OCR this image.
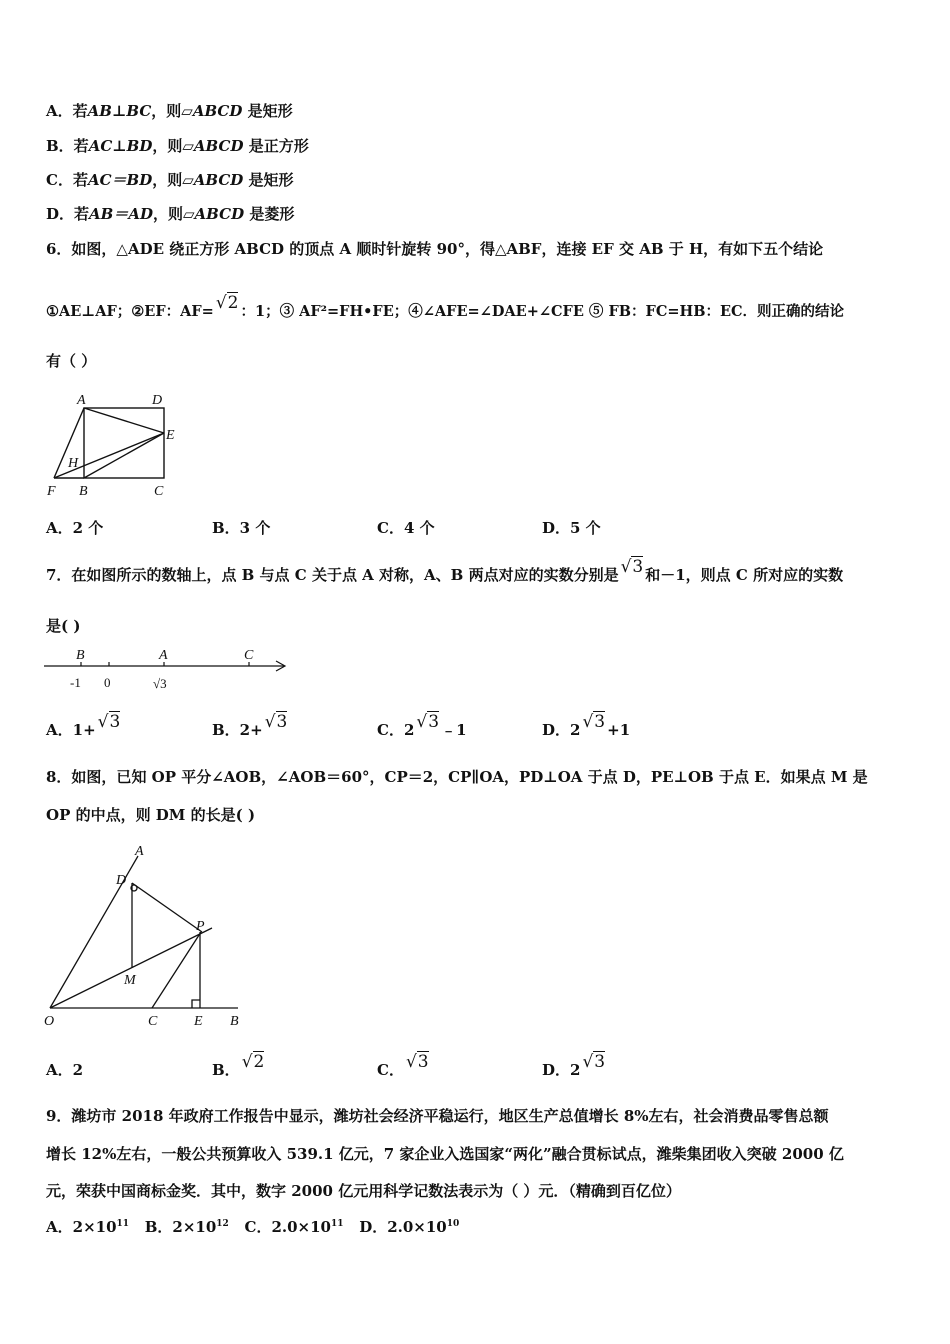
A．若AB⊥BC，则▱ABCD 是矩形
B．若AC⊥BD，则▱ABCD 是正方形
C．若AC＝BD，则▱ABCD 是矩形
D．若AB＝AD，则▱ABCD 是菱形
6．如图，△ADE 绕正方形 ABCD 的顶点 A 顺时针旋转 90°，得△ABF，连接 EF 交 AB 于 H，有如下五个结论
①AE⊥AF；②EF：AF= √2 ：1；③ AF²=FH•FE；④∠AFE=∠DAE+∠CFE ⑤ FB：FC=HB：EC．则正确的结论
有（ ）
A	D
E
H
F B	C
A．2 个	B．3 个	C．4 个	D．5 个
7．在如图所示的数轴上，点 B 与点 C 关于点 A 对称，A、B 两点对应的实数分别是 √3 和－1，则点 C 所对应的实数
是( )
B	A	C
-1 0	√3
A．1+ √3	B．2+ √3	C．2 √3 ﹣1	D．2 √3 +1
8．如图，已知 OP 平分∠AOB，∠AOB＝60°，CP＝2，CP∥OA，PD⊥OA 于点 D，PE⊥OB 于点 E．如果点 M 是
OP 的中点，则 DM 的长是( )
A
D
P
M
O	C	E B
A．2	B． √2	C． √3	D．2 √3
9．潍坊市 2018 年政府工作报告中显示，潍坊社会经济平稳运行，地区生产总值增长 8%左右，社会消费品零售总额
增长 12%左右，一般公共预算收入 539.1 亿元，7 家企业入选国家“两化”融合贯标试点，潍柴集团收入突破 2000 亿
元，荣获中国商标金奖．其中，数字 2000 亿元用科学记数法表示为（ ）元．（精确到百亿位）
A．$2\times 10^{11}$ B．$2\times 10^{12}$ C．$2.0\times 10^{11}$ D．$2.0\times 10^{10}$
